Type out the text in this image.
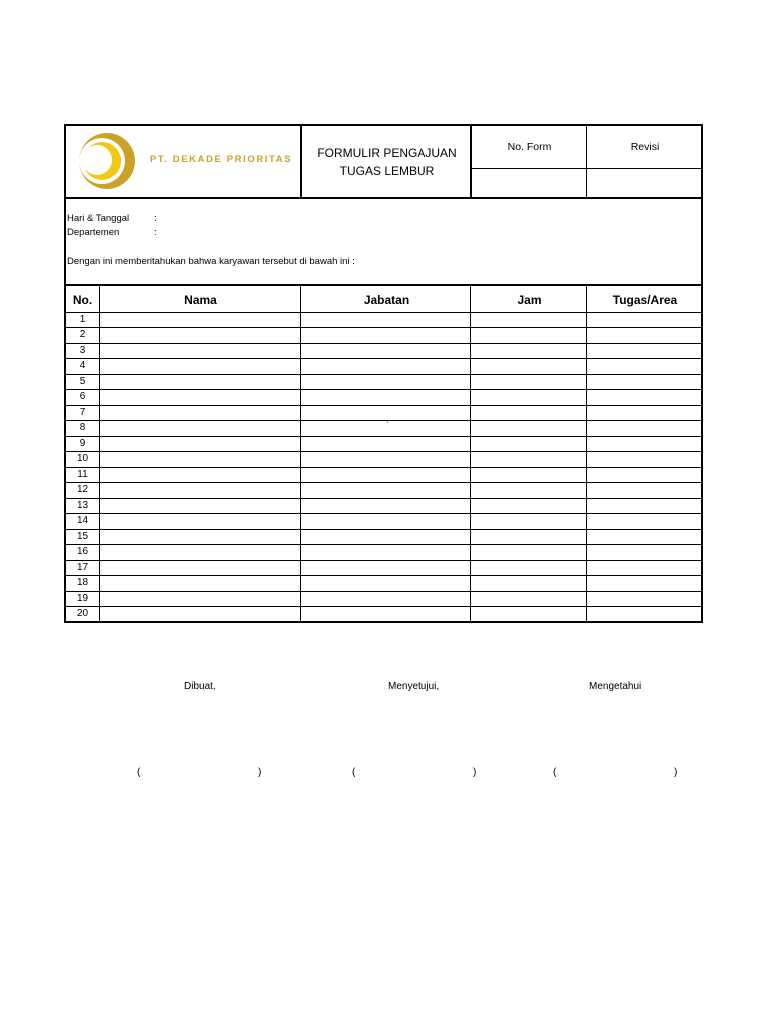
PT. DEKADE PRIORITAS	FORMULIR PENGAJUAN
TUGAS LEMBUR
No. Form	Revisi
Hari & Tanggal	:
Departemen	:
Dengan ini memberitahukan bahwa karyawan tersebut di bawah ini :
No.	Nama	Jabatan	Jam	Tugas/Area
1
2
3
4
5
6
7
8
9
10
11
12
13
14
15
16
17
18
19
20
`
Dibuat,	Menyetujui,	Mengetahui
(	)	(	)	(	)
